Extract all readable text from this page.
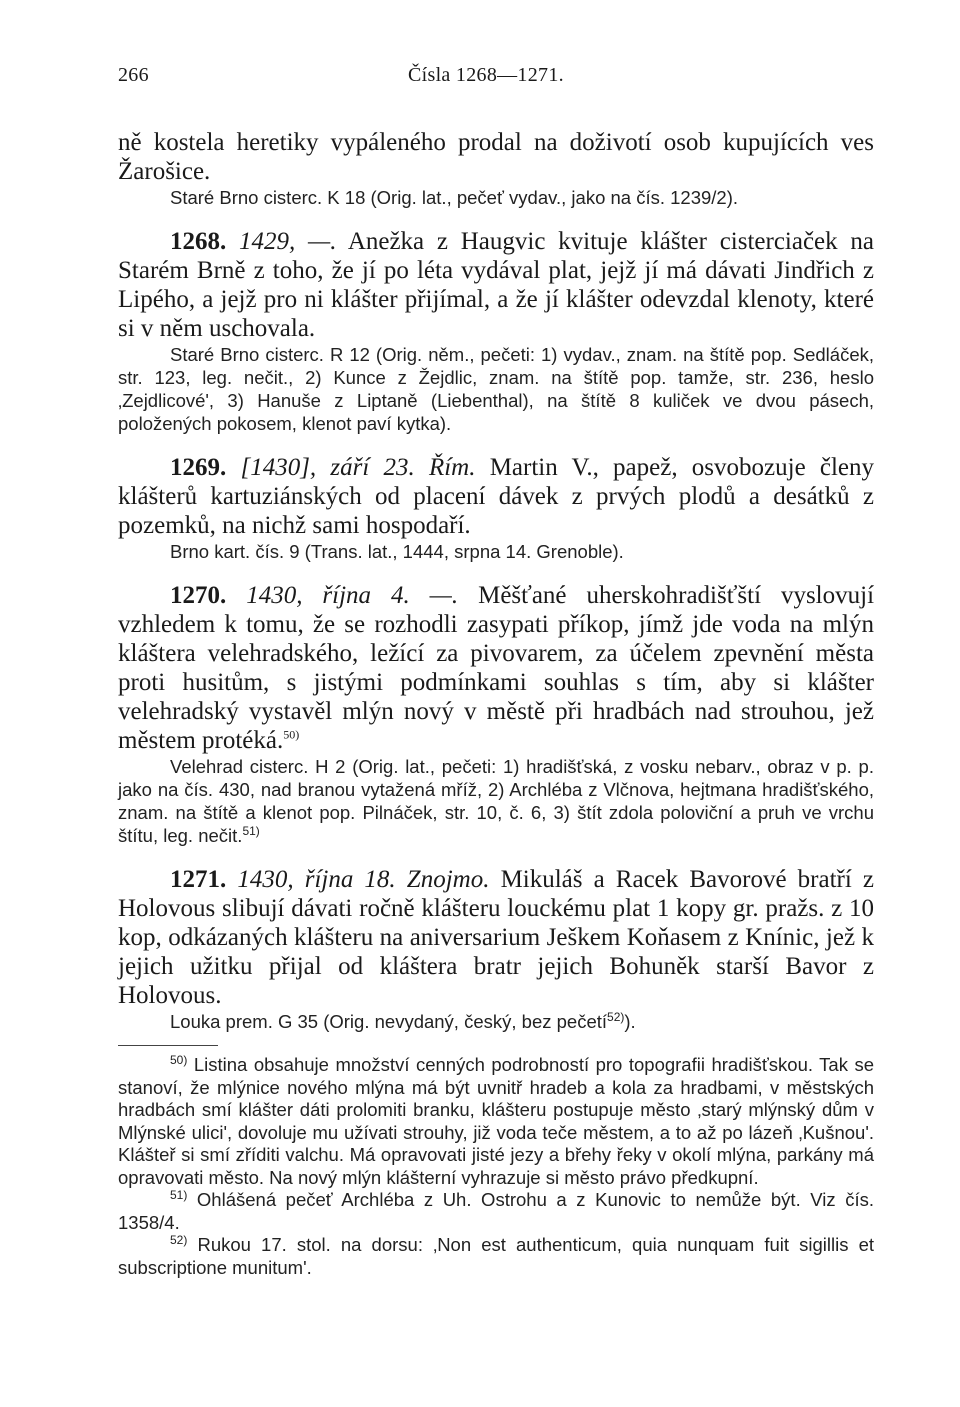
266	Čísla 1268—1271.

ně kostela heretiky vypáleného prodal na doživotí osob kupujících ves Žarošice.

Staré Brno cisterc. K 18 (Orig. lat., pečeť vydav., jako na čís. 1239/2).

1268. 1429, —. Anežka z Haugvic kvituje klášter cisterciaček na Starém Brně z toho, že jí po léta vydával plat, jejž jí má dávati Jindřich z Lipého, a jejž pro ni klášter přijímal, a že jí klášter odevzdal klenoty, které si v něm uschovala.

Staré Brno cisterc. R 12 (Orig. něm., pečeti: 1) vydav., znam. na štítě pop. Sedláček, str. 123, leg. nečit., 2) Kunce z Žejdlic, znam. na štítě pop. tamže, str. 236, heslo ‚Zejdlicové', 3) Hanuše z Liptaně (Liebenthal), na štítě 8 kuliček ve dvou pásech, položených pokosem, klenot paví kytka).

1269. [1430], září 23. Řím. Martin V., papež, osvobozuje členy klášterů kartuziánských od placení dávek z prvých plodů a desátků z pozemků, na nichž sami hospodaří.

Brno kart. čís. 9 (Trans. lat., 1444, srpna 14. Grenoble).

1270. 1430, října 4. —. Měšťané uherskohradišťští vyslovují vzhledem k tomu, že se rozhodli zasypati příkop, jímž jde voda na mlýn kláštera velehradského, ležící za pivovarem, za účelem zpevnění města proti husitům, s jistými podmínkami souhlas s tím, aby si klášter velehradský vystavěl mlýn nový v městě při hradbách nad strouhou, jež městem protéká.$^{50)}$

Velehrad cisterc. H 2 (Orig. lat., pečeti: 1) hradišťská, z vosku nebarv., obraz v p. p. jako na čís. 430, nad branou vytažená mříž, 2) Archléba z Vlčnova, hejtmana hradišťského, znam. na štítě a klenot pop. Pilnáček, str. 10, č. 6, 3) štít zdola poloviční a pruh ve vrchu štítu, leg. nečit.$^{51)}$

1271. 1430, října 18. Znojmo. Mikuláš a Racek Bavorové bratří z Holovous slibují dávati ročně klášteru louckému plat 1 kopy gr. pražs. z 10 kop, odkázaných klášteru na aniversarium Ješkem Koňasem z Knínic, jež k jejich užitku přijal od kláštera bratr jejich Bohuněk starší Bavor z Holovous.

Louka prem. G 35 (Orig. nevydaný, český, bez pečetí$^{52)}$).

$^{50)}$ Listina obsahuje množství cenných podrobností pro topografii hradišťskou. Tak se stanoví, že mlýnice nového mlýna má být uvnitř hradeb a kola za hradbami, v městských hradbách smí klášter dáti prolomiti branku, klášteru postupuje město ‚starý mlýnský dům v Mlýnské ulici', dovoluje mu užívati strouhy, již voda teče městem, a to až po lázeň ‚Kušnou'. Klášteř si smí zříditi valchu. Má opravovati jisté jezy a břehy řeky v okolí mlýna, parkány má opravovati město. Na nový mlýn klášterní vyhrazuje si město právo předkupní.

$^{51)}$ Ohlášená pečeť Archléba z Uh. Ostrohu a z Kunovic to nemůže být. Viz čís. 1358/4.

$^{52)}$ Rukou 17. stol. na dorsu: ‚Non est authenticum, quia nunquam fuit sigillis et subscriptione munitum'.
